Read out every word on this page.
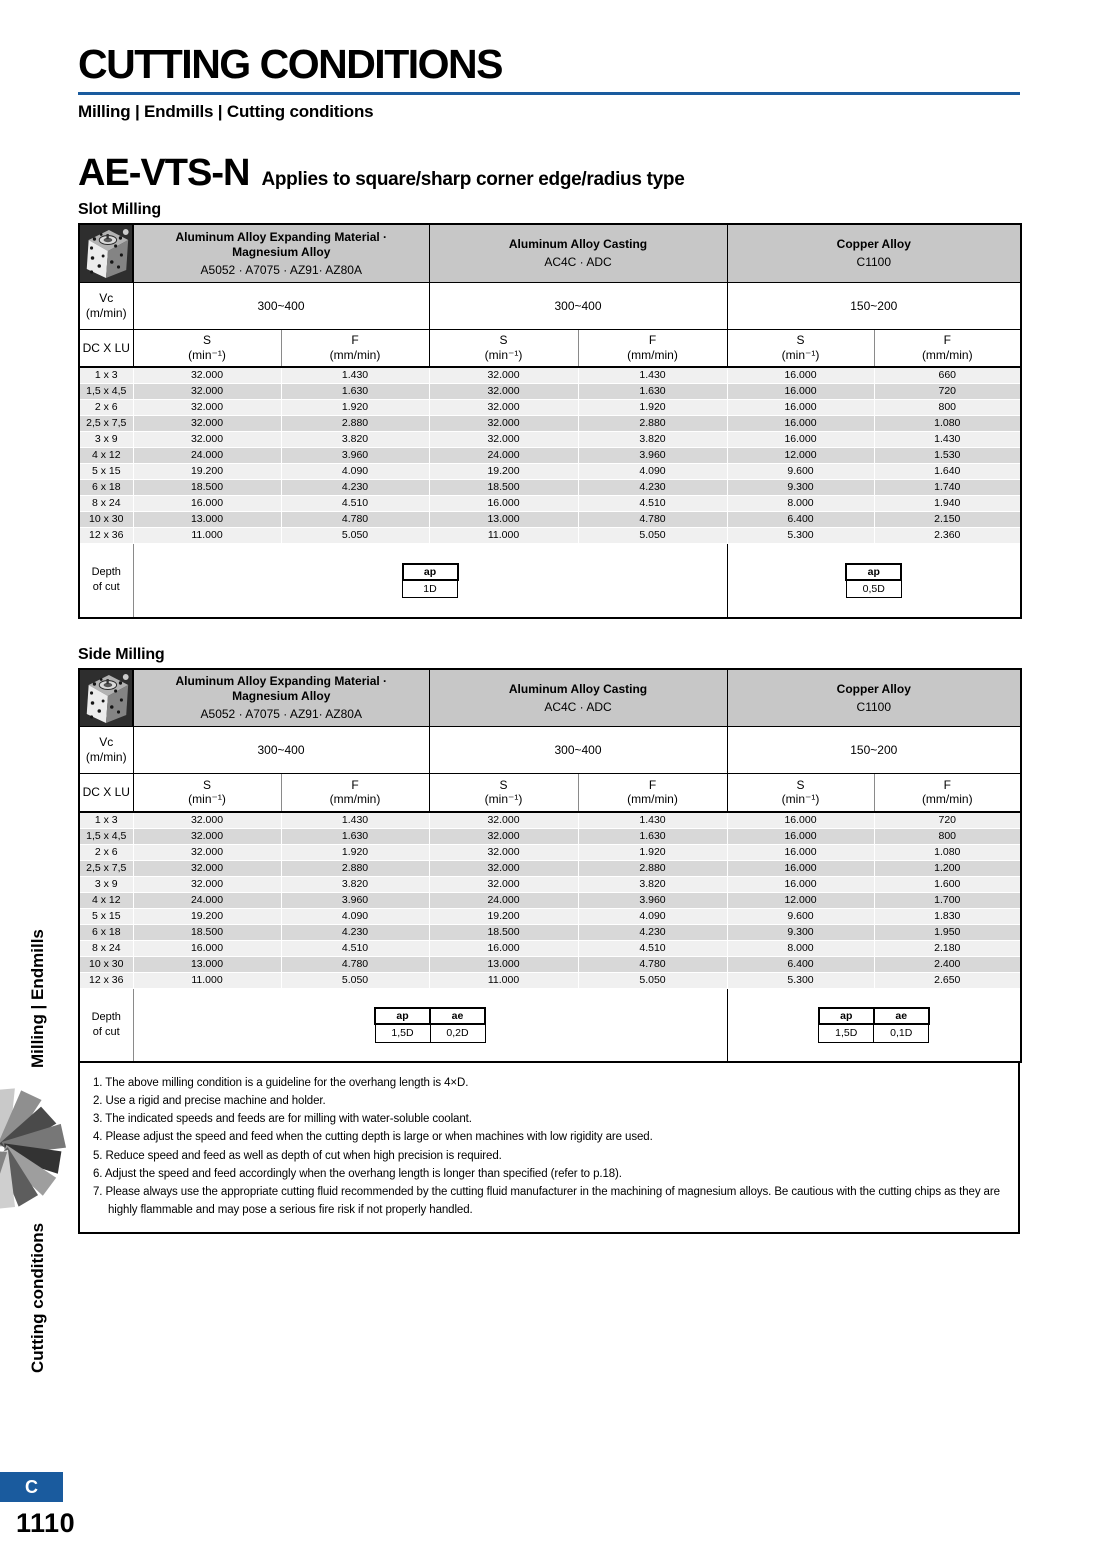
Milling | Endmills
Cutting conditions
C
1110
CUTTING CONDITIONS
Milling | Endmills | Cutting conditions
AE-VTS-N Applies to square/sharp corner edge/radius type
Slot Milling

Aluminum Alloy Expanding Material · Magnesium Alloy
A5052 · A7075 · AZ91· AZ80A

Aluminum Alloy Casting
AC4C · ADC

Copper Alloy
C1100

Vc
(m/min)	300~400	300~400	150~200
DC X LU	
S
(min⁻¹)

F
(mm/min)

S
(min⁻¹)

F
(mm/min)

S
(min⁻¹)

F
(mm/min)

1 x 3	32.000	1.430	32.000	1.430	16.000	660
1,5 x 4,5	32.000	1.630	32.000	1.630	16.000	720
2 x 6	32.000	1.920	32.000	1.920	16.000	800
2,5 x 7,5	32.000	2.880	32.000	2.880	16.000	1.080
3 x 9	32.000	3.820	32.000	3.820	16.000	1.430
4 x 12	24.000	3.960	24.000	3.960	12.000	1.530
5 x 15	19.200	4.090	19.200	4.090	9.600	1.640
6 x 18	18.500	4.230	18.500	4.230	9.300	1.740
8 x 24	16.000	4.510	16.000	4.510	8.000	1.940
10 x 30	13.000	4.780	13.000	4.780	6.400	2.150
12 x 36	11.000	5.050	11.000	5.050	5.300	2.360

Depth
of cut

ap
1D

ap
0,5D
Side Milling

Aluminum Alloy Expanding Material · Magnesium Alloy
A5052 · A7075 · AZ91· AZ80A

Aluminum Alloy Casting
AC4C · ADC

Copper Alloy
C1100

Vc
(m/min)	300~400	300~400	150~200
DC X LU	
S
(min⁻¹)

F
(mm/min)

S
(min⁻¹)

F
(mm/min)

S
(min⁻¹)

F
(mm/min)

1 x 3	32.000	1.430	32.000	1.430	16.000	720
1,5 x 4,5	32.000	1.630	32.000	1.630	16.000	800
2 x 6	32.000	1.920	32.000	1.920	16.000	1.080
2,5 x 7,5	32.000	2.880	32.000	2.880	16.000	1.200
3 x 9	32.000	3.820	32.000	3.820	16.000	1.600
4 x 12	24.000	3.960	24.000	3.960	12.000	1.700
5 x 15	19.200	4.090	19.200	4.090	9.600	1.830
6 x 18	18.500	4.230	18.500	4.230	9.300	1.950
8 x 24	16.000	4.510	16.000	4.510	8.000	2.180
10 x 30	13.000	4.780	13.000	4.780	6.400	2.400
12 x 36	11.000	5.050	11.000	5.050	5.300	2.650

Depth
of cut

ap	ae
1,5D	0,2D

ap	ae
1,5D	0,1D
1. The above milling condition is a guideline for the overhang length is 4×D.
2. Use a rigid and precise machine and holder.
3. The indicated speeds and feeds are for milling with water-soluble coolant.
4. Please adjust the speed and feed when the cutting depth is large or when machines with low rigidity are used.
5. Reduce speed and feed as well as depth of cut when high precision is required.
6. Adjust the speed and feed accordingly when the overhang length is longer than specified (refer to p.18).
7. Please always use the appropriate cutting fluid recommended by the cutting fluid manufacturer in the machining of magnesium alloys. Be cautious with the cutting chips as they are highly flammable and may pose a serious fire risk if not properly handled.
